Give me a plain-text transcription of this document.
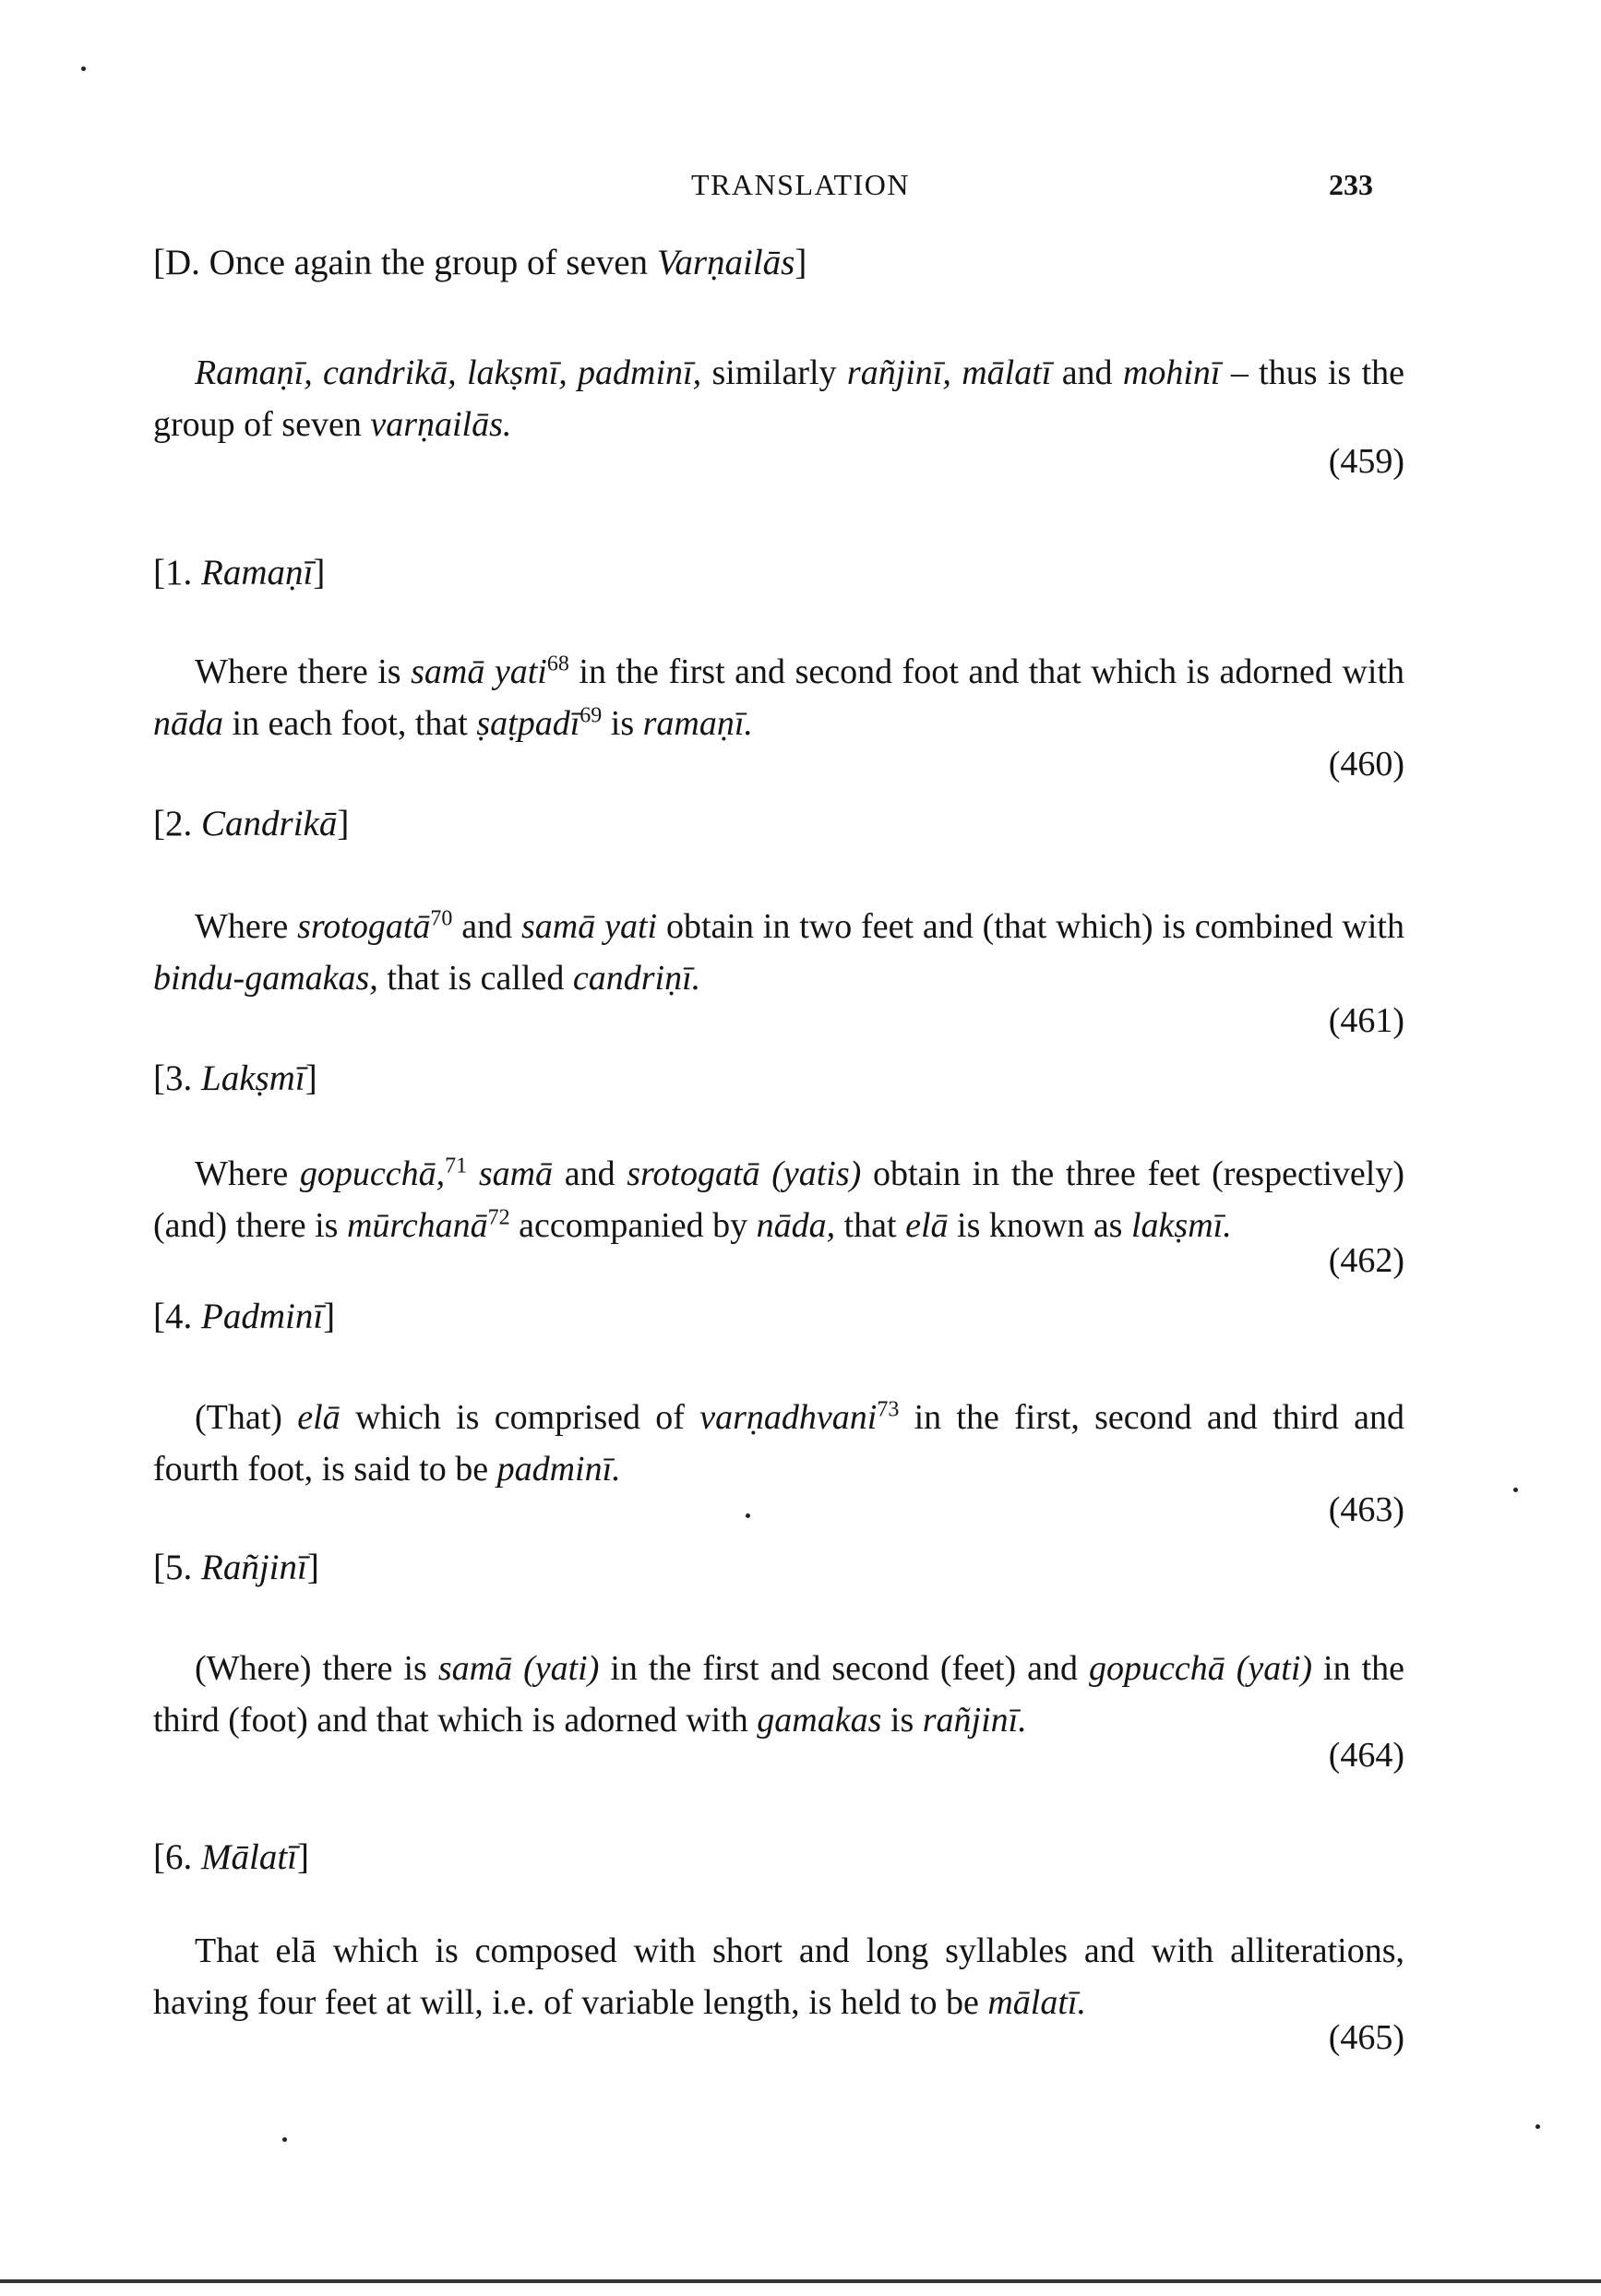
TRANSLATION	233
[D. Once again the group of seven Varṇailās]
Ramaṇī, candrikā, lakṣmī, padminī, similarly rañjinī, mālatī and mohinī – thus is the group of seven varṇailās.
(459)
[1. Ramaṇī]
Where there is samā yati$^{68}$ in the first and second foot and that which is adorned with nāda in each foot, that ṣaṭpadī$^{69}$ is ramaṇī.
(460)
[2. Candrikā]
Where srotogatā$^{70}$ and samā yati obtain in two feet and (that which) is combined with bindu-gamakas, that is called candriṇī.
(461)
[3. Lakṣmī]
Where gopucchā,$^{71}$ samā and srotogatā (yatis) obtain in the three feet (respectively) (and) there is mūrchanā$^{72}$ accompanied by nāda, that elā is known as lakṣmī.
(462)
[4. Padminī]
(That) elā which is comprised of varṇadhvani$^{73}$ in the first, second and third and fourth foot, is said to be padminī.
(463)
[5. Rañjinī]
(Where) there is samā (yati) in the first and second (feet) and gopucchā (yati) in the third (foot) and that which is adorned with gamakas is rañjinī.
(464)
[6. Mālatī]
That elā which is composed with short and long syllables and with alliterations, having four feet at will, i.e. of variable length, is held to be mālatī.
(465)
